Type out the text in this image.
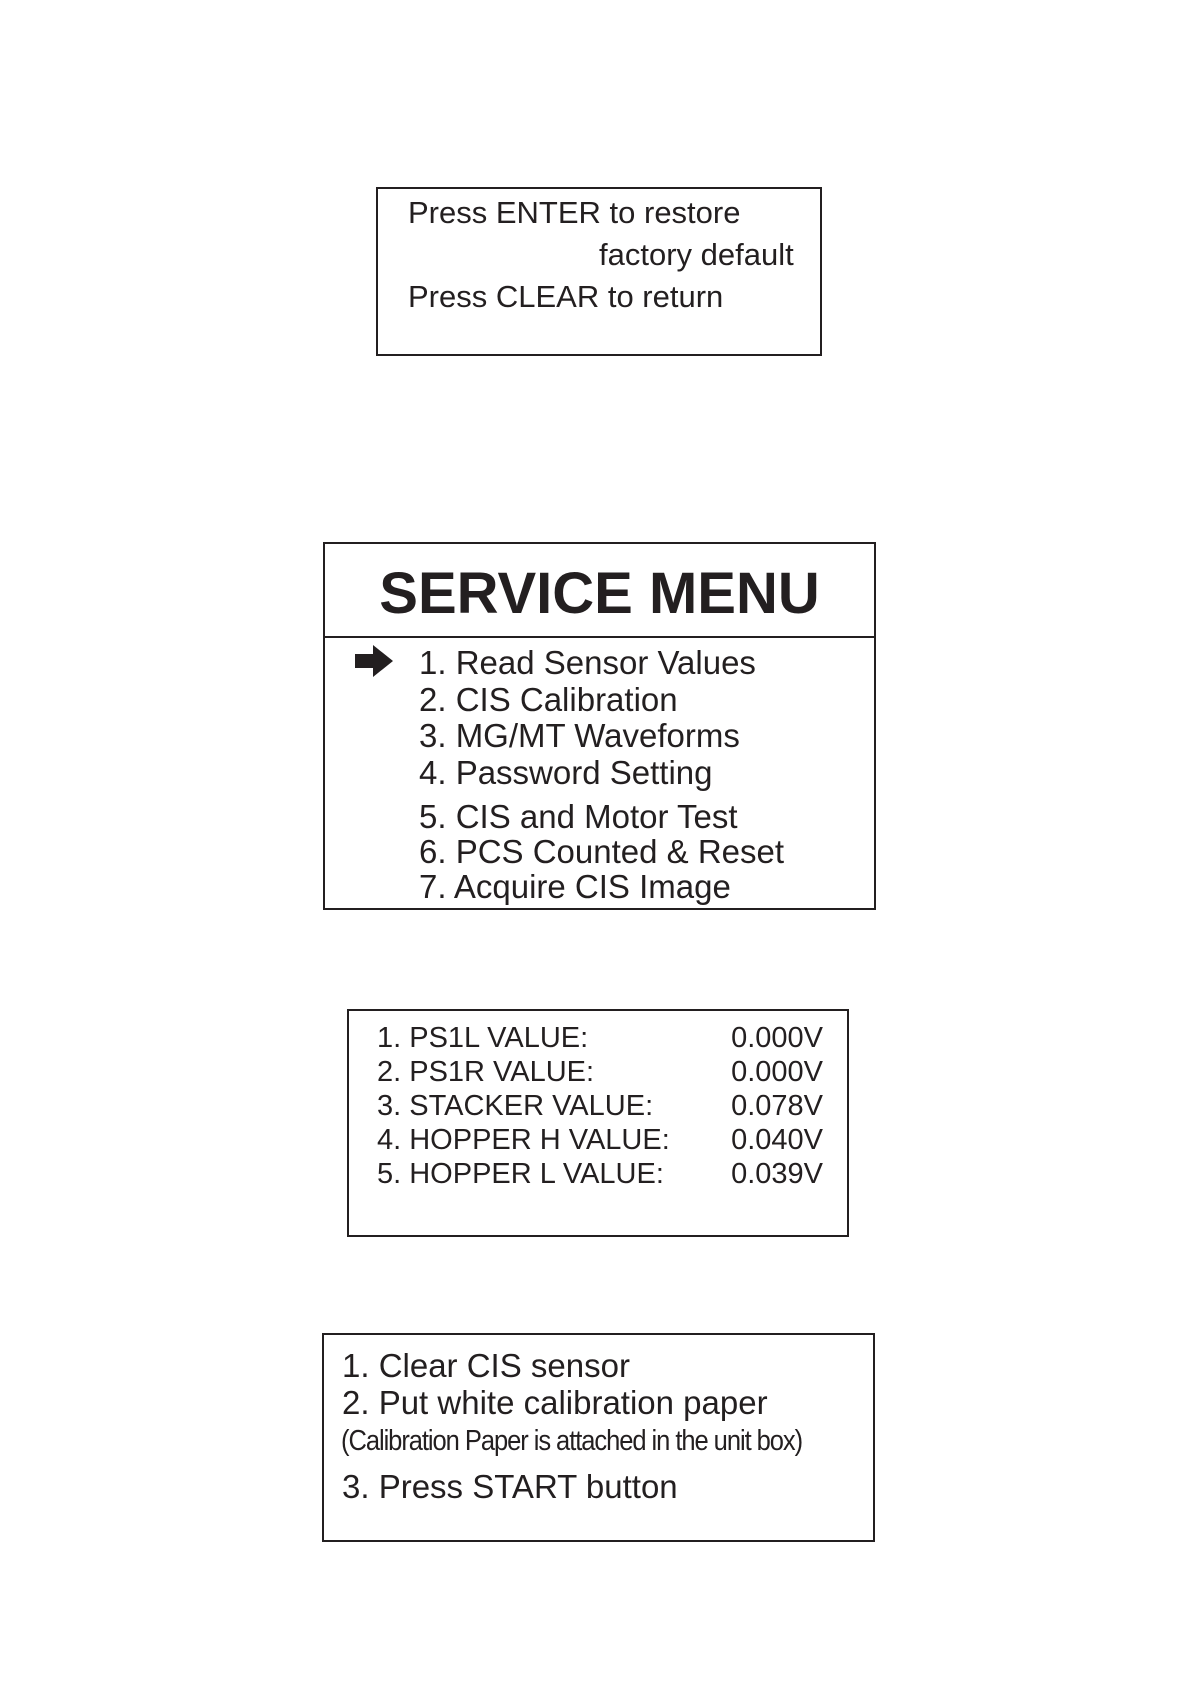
Press ENTER to restore
factory default
Press CLEAR to return
SERVICE MENU
1. Read Sensor Values
2. CIS Calibration
3. MG/MT Waveforms
4. Password Setting
5. CIS and Motor Test
6. PCS Counted & Reset
7. Acquire CIS Image
1. PS1L VALUE:	0.000V
2. PS1R VALUE:	0.000V
3. STACKER VALUE:	0.078V
4. HOPPER H VALUE: 0.040V
5. HOPPER L VALUE: 0.039V
1. Clear CIS sensor
2. Put white calibration paper
(Calibration Paper is attached in the unit box)
3. Press START button
